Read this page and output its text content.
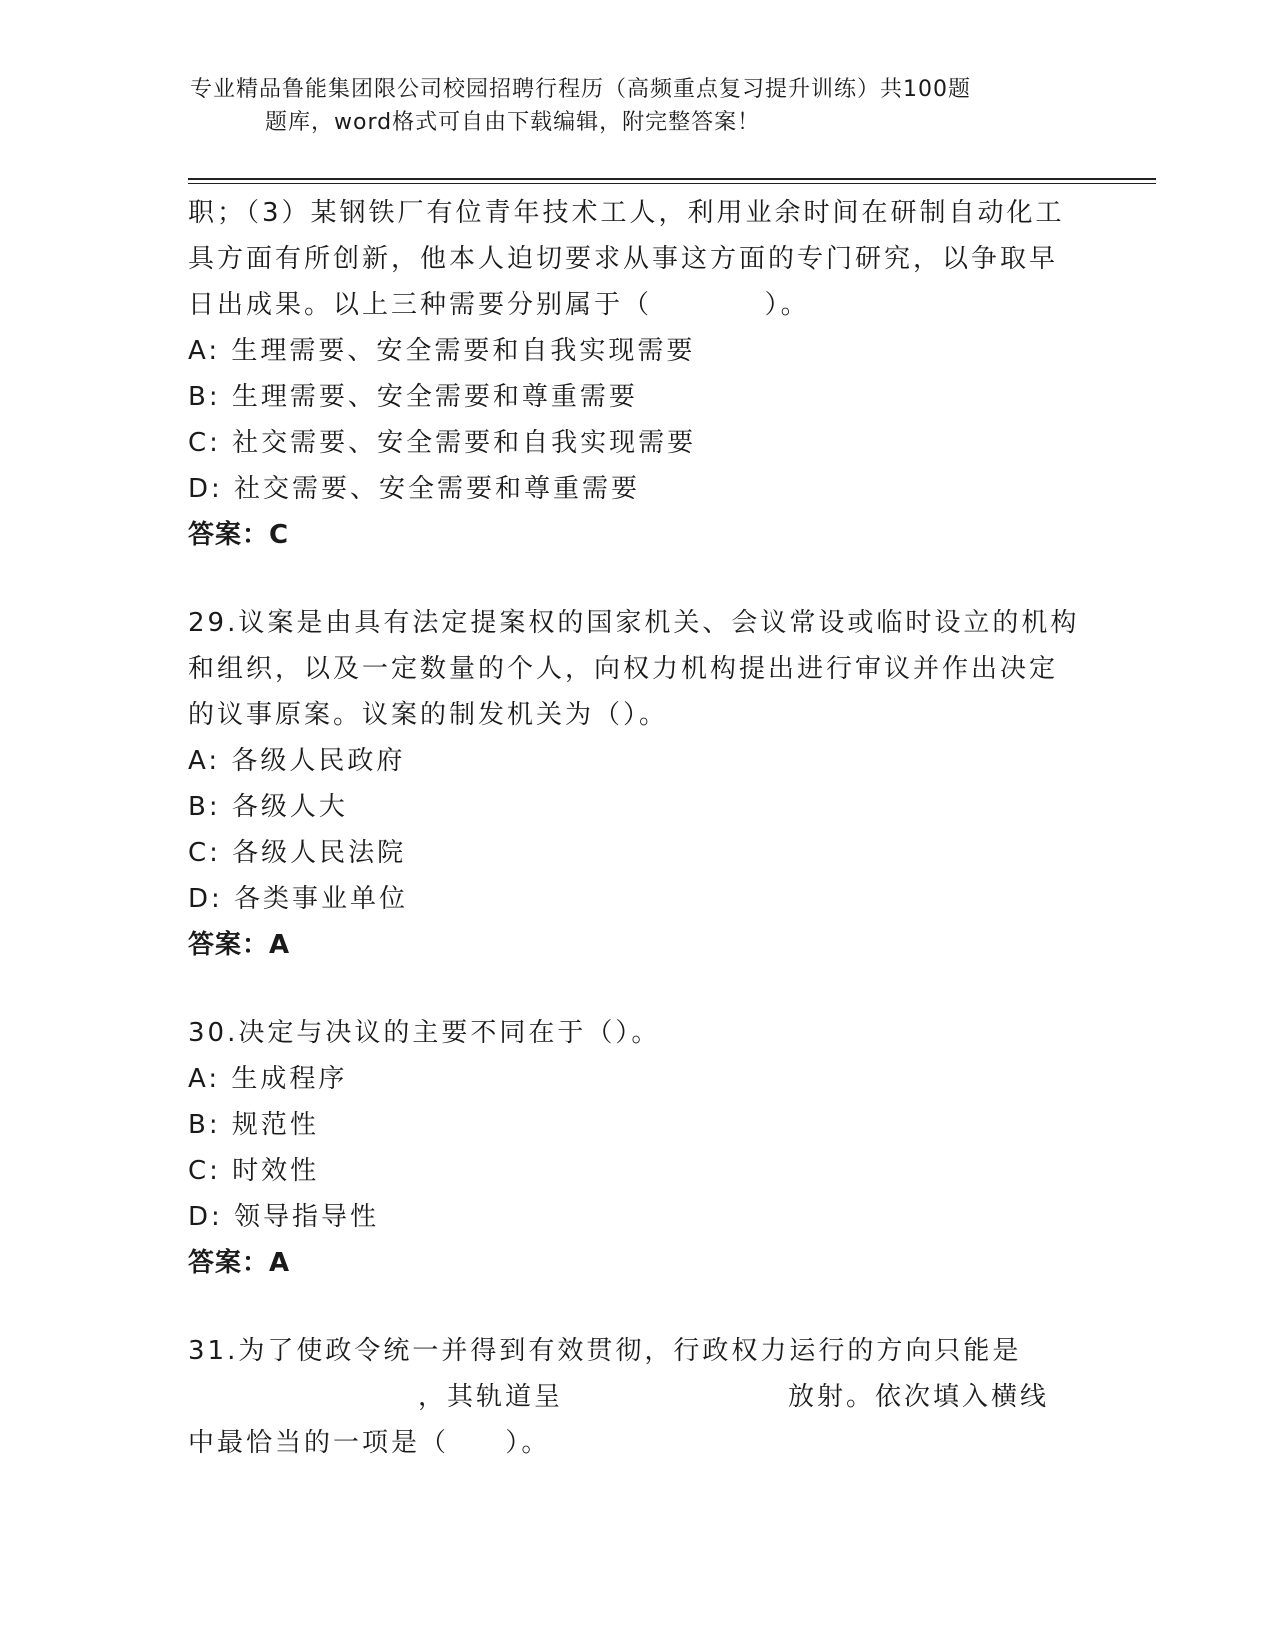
专业精品鲁能集团限公司校园招聘行程历（高频重点复习提升训练）共100题
题库，word格式可自由下载编辑，附完整答案！
职；（3）某钢铁厂有位青年技术工人，利用业余时间在研制自动化工
具方面有所创新，他本人迫切要求从事这方面的专门研究，以争取早
日出成果。以上三种需要分别属于（          ）。
A: 生理需要、安全需要和自我实现需要
B: 生理需要、安全需要和尊重需要
C: 社交需要、安全需要和自我实现需要
D: 社交需要、安全需要和尊重需要
答案：C
29.议案是由具有法定提案权的国家机关、会议常设或临时设立的机构
和组织，以及一定数量的个人，向权力机构提出进行审议并作出决定
的议事原案。议案的制发机关为（）。
A: 各级人民政府
B: 各级人大
C: 各级人民法院
D: 各类事业单位
答案：A
30.决定与决议的主要不同在于（）。
A: 生成程序
B: 规范性
C: 时效性
D: 领导指导性
答案：A
31.为了使政令统一并得到有效贯彻，行政权力运行的方向只能是
，其轨道呈	放射。依次填入横线
中最恰当的一项是（     ）。
